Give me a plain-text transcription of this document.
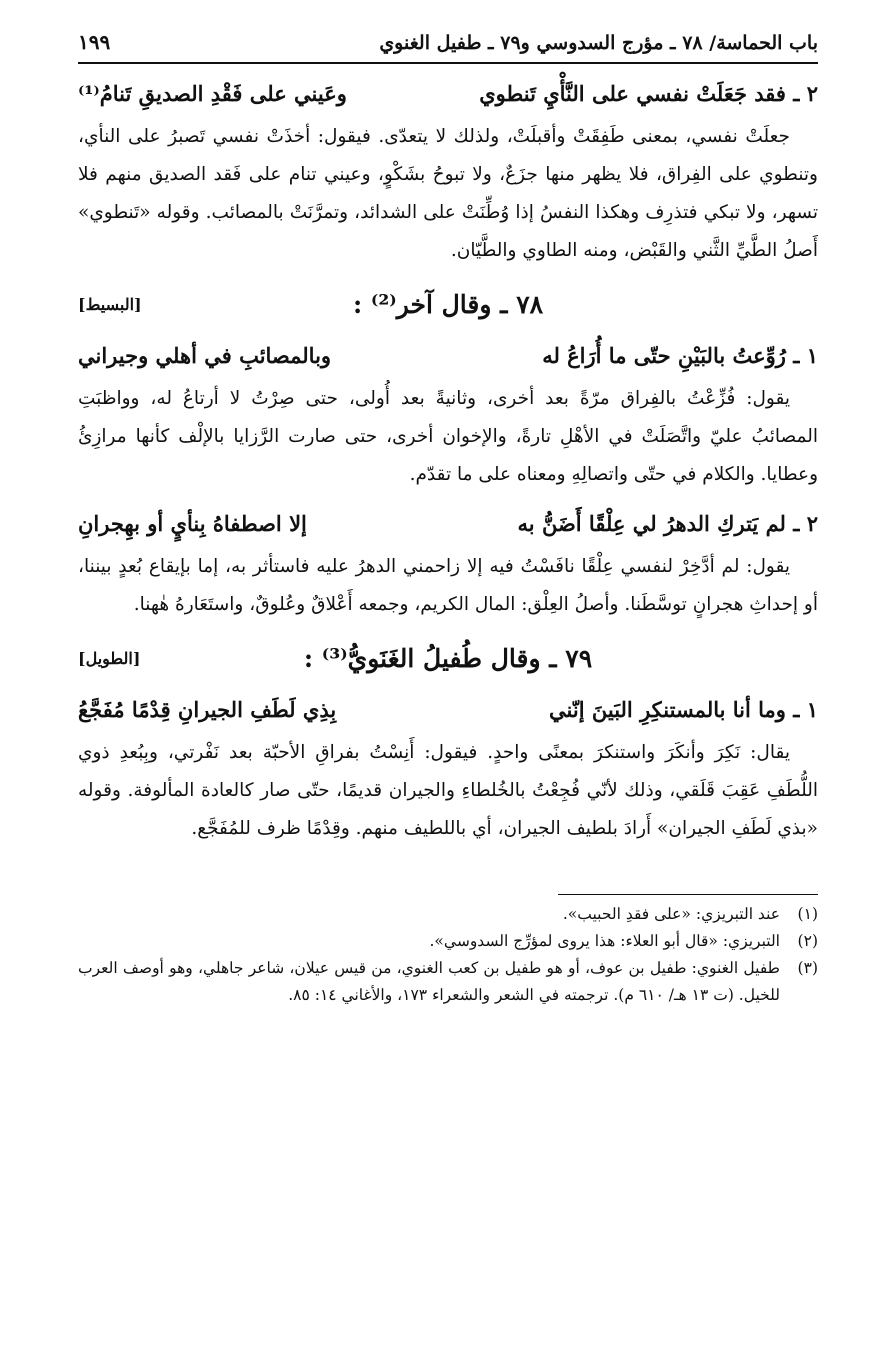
باب الحماسة/ ٧٨ ـ مؤرج السدوسي و٧٩ ـ طفيل الغنوي
١٩٩
٢ ـ فقد جَعَلَتْ نفسي على النَّأْيِ تَنطوي
وعَيني على فَقْدِ الصديقِ تَنامُ⁽¹⁾

جعلَتْ نفسي، بمعنى طَفِقَتْ وأقبلَتْ، ولذلك لا يتعدّى. فيقول: أخذَتْ نفسي تَصبرُ على النأي، وتنطوي على الفِراق، فلا يظهر منها جزَعٌ، ولا تبوحُ بشَكْوٍ، وعيني تنام على فَقد الصديق منهم فلا تسهر، ولا تبكي فتذرِف وهكذا النفسُ إذا وُطِّنَتْ على الشدائد، وتمرَّنَتْ بالمصائب. وقوله «تَنطوي» أَصلُ الطَّيِّ الثَّني والقَبْض، ومنه الطاوي والطَّيّان.

٧٨ ـ وقال آخر⁽²⁾ :
[البسيط]
١ ـ رُوِّعتُ بالبَيْنِ حتّى ما أُرَاعُ له
وبالمصائبِ في أهلي وجيراني

يقول: فُزِّعْتُ بالفِراق مرّةً بعد أخرى، وثانيةً بعد أُولى، حتى صِرْتُ لا أرتاعُ له، وواظبَتِ المصائبُ عليّ واتَّصَلَتْ في الأهْلِ تارةً، والإخوان أخرى، حتى صارت الرَّزايا بالإلْف كأنها مرازِئُ وعطايا. والكلام في حتّى واتصالِهِ ومعناه على ما تقدّم.

٢ ـ لم يَتركِ الدهرُ لي عِلْقًا أَضَنُّ به
إلا اصطفاهُ بِنأيٍ أو بهِجرانِ

يقول: لم أدَّخِرْ لنفسي عِلْقًا نافَسْتُ فيه إلا زاحمني الدهرُ عليه فاستأثر به، إما بإيقاع بُعدٍ بيننا، أو إحداثِ هجرانٍ توسَّطَنا. وأصلُ العِلْق: المال الكريم، وجمعه أَعْلاقٌ وعُلوقٌ، واستَعَارهُ هٰهنا.

٧٩ ـ وقال طُفيلُ الغَنَويُّ⁽³⁾ :
[الطويل]
١ ـ وما أنا بالمستنكِرِ البَينَ إنّني
بِذِي لَطَفِ الجيرانِ قِدْمًا مُفَجَّعُ

يقال: نَكِرَ وأنكَرَ واستنكرَ بمعنًى واحدٍ. فيقول: أَنِسْتُ بفراقِ الأحبّة بعد نَفْرتي، وبِبُعدِ ذوي اللُّطَفِ عَقِبَ قَلَقي، وذلك لأنّي فُجِعْتُ بالخُلطاءِ والجيران قديمًا، حتّى صار كالعادة المألوفة. وقوله «بذي لَطَفِ الجيران» أَرادَ بلطيف الجيران، أي باللطيف منهم. وقِدْمًا ظرف للمُفَجَّع.

(١)
عند التبريزي: «على فقدِ الحبيب».
(٢)
التبريزي: «قال أبو العلاء: هذا يروى لمؤرِّج السدوسي».
(٣)
طفيل الغنوي: طفيل بن عوف، أو هو طفيل بن كعب الغنوي، من قيس عيلان، شاعر جاهلي، وهو أوصف العرب للخيل. (ت ١٣ هـ/ ٦١٠ م). ترجمته في الشعر والشعراء ١٧٣، والأغاني ١٤: ٨٥.
